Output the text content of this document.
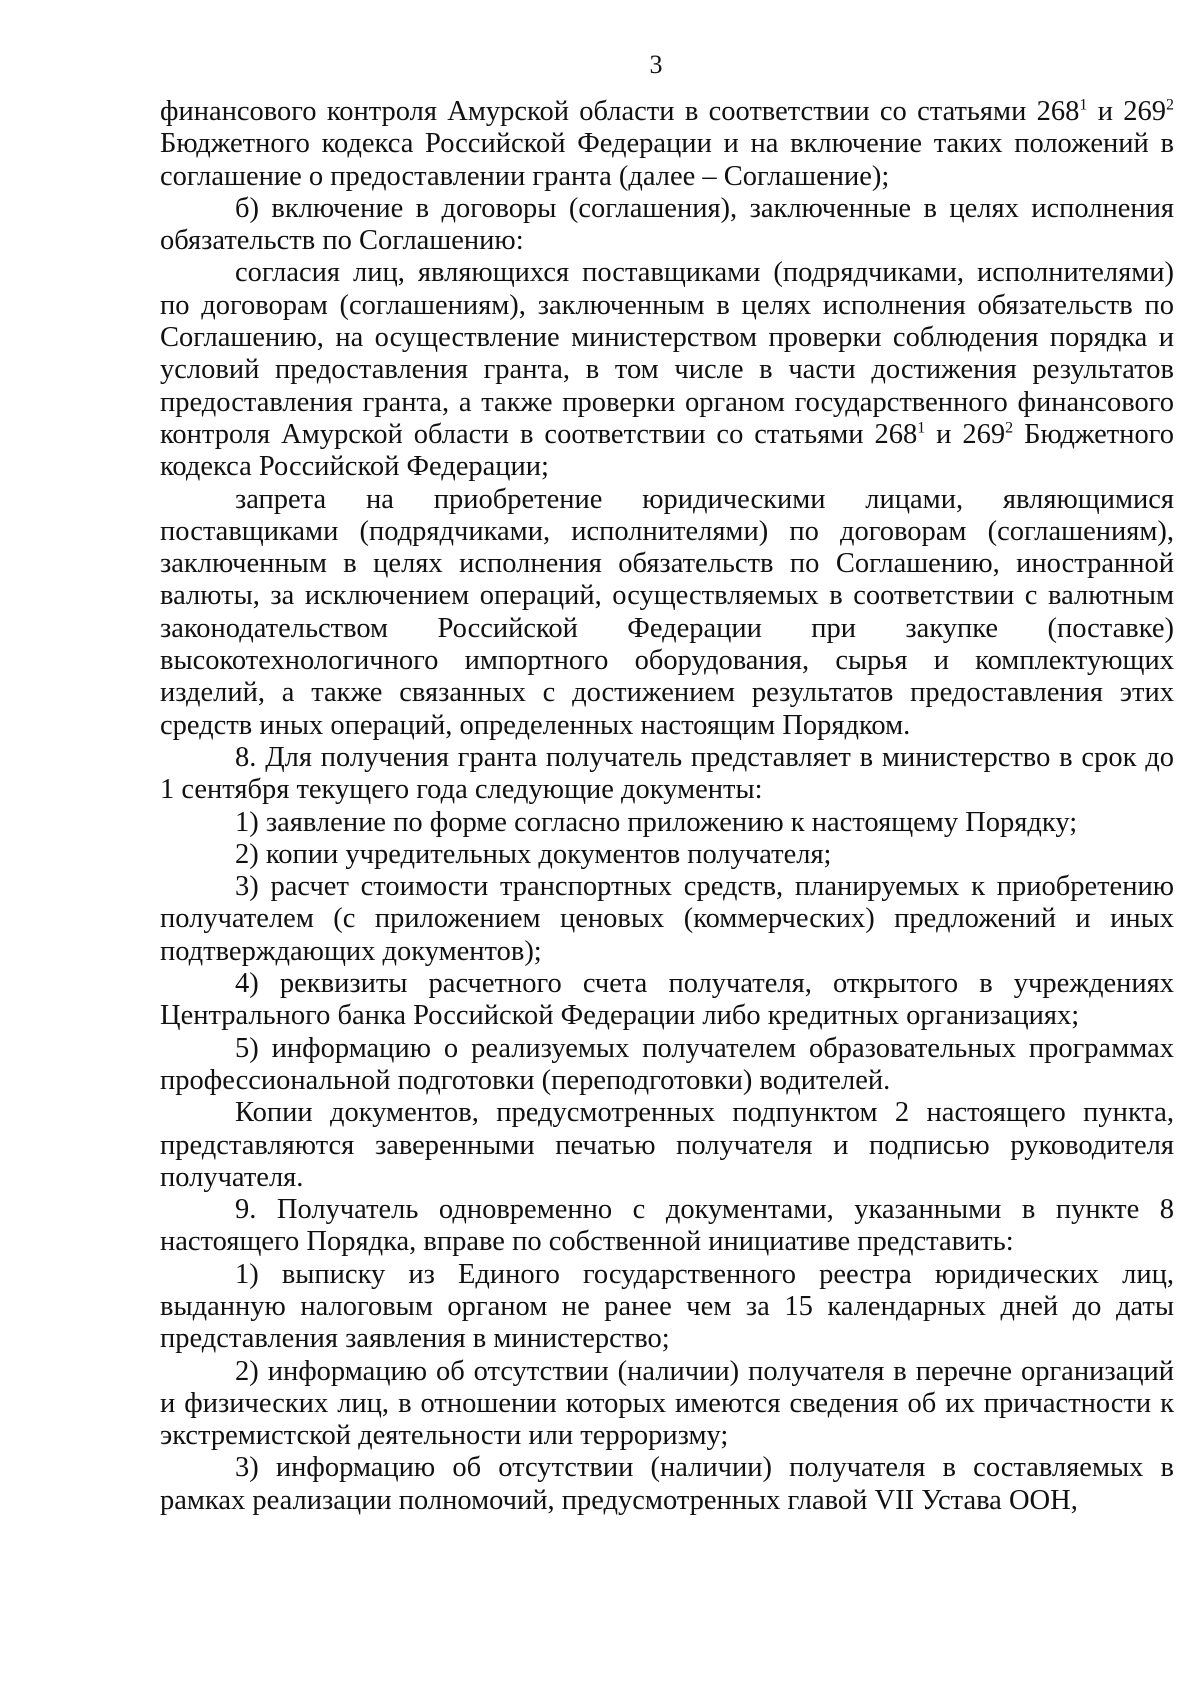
3

финансового контроля Амурской области в соответствии со статьями $268^1$ и $269^2$ Бюджетного кодекса Российской Федерации и на включение таких положений в соглашение о предоставлении гранта (далее – Соглашение);

б) включение в договоры (соглашения), заключенные в целях исполнения обязательств по Соглашению:

согласия лиц, являющихся поставщиками (подрядчиками, исполнителями) по договорам (соглашениям), заключенным в целях исполнения обязательств по Соглашению, на осуществление министерством проверки соблюдения порядка и условий предоставления гранта, в том числе в части достижения результатов предоставления гранта, а также проверки органом государственного финансового контроля Амурской области в соответствии со статьями $268^1$ и $269^2$ Бюджетного кодекса Российской Федерации;

запрета на приобретение юридическими лицами, являющимися поставщиками (подрядчиками, исполнителями) по договорам (соглашениям), заключенным в целях исполнения обязательств по Соглашению, иностранной валюты, за исключением операций, осуществляемых в соответствии с валютным законодательством Российской Федерации при закупке (поставке) высокотехнологичного импортного оборудования, сырья и комплектующих изделий, а также связанных с достижением результатов предоставления этих средств иных операций, определенных настоящим Порядком.

8. Для получения гранта получатель представляет в министерство в срок до 1 сентября текущего года следующие документы:

1) заявление по форме согласно приложению к настоящему Порядку;

2) копии учредительных документов получателя;

3) расчет стоимости транспортных средств, планируемых к приобретению получателем (с приложением ценовых (коммерческих) предложений и иных подтверждающих документов);

4) реквизиты расчетного счета получателя, открытого в учреждениях Центрального банка Российской Федерации либо кредитных организациях;

5) информацию о реализуемых получателем образовательных программах профессиональной подготовки (переподготовки) водителей.

Копии документов, предусмотренных подпунктом 2 настоящего пункта, представляются заверенными печатью получателя и подписью руководителя получателя.

9. Получатель одновременно с документами, указанными в пункте 8 настоящего Порядка, вправе по собственной инициативе представить:

1) выписку из Единого государственного реестра юридических лиц, выданную налоговым органом не ранее чем за 15 календарных дней до даты представления заявления в министерство;

2) информацию об отсутствии (наличии) получателя в перечне организаций и физических лиц, в отношении которых имеются сведения об их причастности к экстремистской деятельности или терроризму;

3) информацию об отсутствии (наличии) получателя в составляемых в рамках реализации полномочий, предусмотренных главой VII Устава ООН,
